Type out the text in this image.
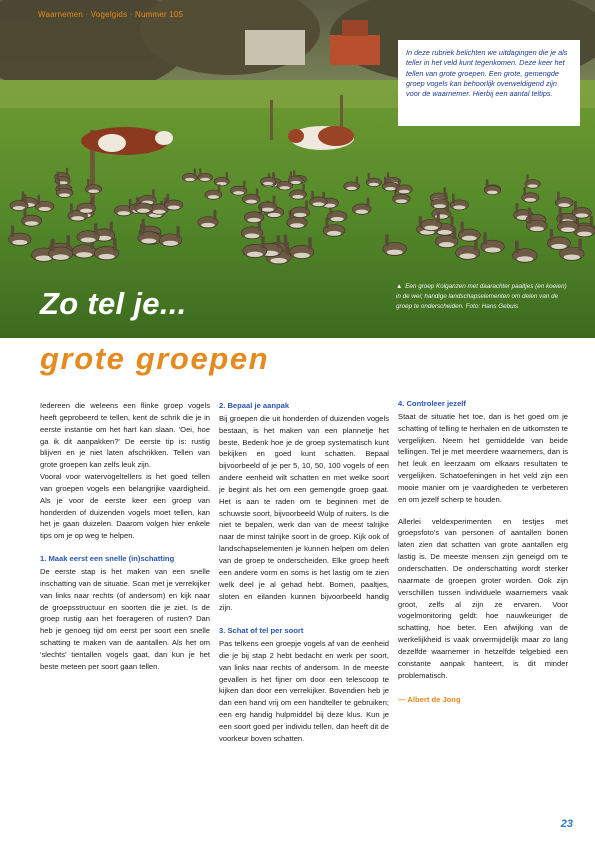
Waarnemen · Vogelgids · Nummer 105
In deze rubriek belichten we uitdagingen die je als teller in het veld kunt tegenkomen. Deze keer het tellen van grote groepen. Een grote, gemengde groep vogels kan behoorlijk overweldigend zijn voor de waarnemer. Hierbij een aantal teltips.
▲ Een groep Kolganzen met daarachter paaltjes (en koeien) in de wei; handige landschapselementen om delen van de groep te onderscheiden. Foto: Hans Gebuis
Zo tel je...
grote groepen

Iedereen die weleens een flinke groep vogels heeft geprobeerd te tellen, kent de schrik die je in eerste instantie om het hart kan slaan. 'Oei, hoe ga ik dit aanpakken?' De eerste tip is: rustig blijven en je niet laten afschrikken. Tellen van grote groepen kan zelfs leuk zijn.

Vooral voor watervogeltellers is het goed tellen van groepen vogels een belangrijke vaardigheid. Als je voor de eerste keer een groep van honderden of duizenden vogels moet tellen, kan het je gaan duizelen. Daarom volgen hier enkele tips om je op weg te helpen.

1. Maak eerst een snelle (in)schatting

De eerste stap is het maken van een snelle inschatting van de situatie. Scan met je verrekijker van links naar rechts (of andersom) en kijk naar de groepsstructuur en soorten die je ziet. Is de groep rustig aan het foerageren of rusten? Dan heb je genoeg tijd om eerst per soort een snelle schatting te maken van de aantallen. Als het om 'slechts' tientallen vogels gaat, dan kun je het beste meteen per soort gaan tellen.

2. Bepaal je aanpak

Bij groepen die uit honderden of duizenden vogels bestaan, is het maken van een plannetje het beste. Bedenk hoe je de groep systematisch kunt bekijken en goed kunt schatten. Bepaal bijvoorbeeld of je per 5, 10, 50, 100 vogels of een andere eenheid wilt schatten en met welke soort je begint als het om een gemengde groep gaat. Het is aan te raden om te beginnen met de schuwste soort, bijvoorbeeld Wulp of ruiters. Is die niet te bepalen, werk dan van de meest talrijke naar de minst talrijke soort in de groep. Kijk ook of landschapselementen je kunnen helpen om delen van de groep te onderscheiden. Elke groep heeft een andere vorm en soms is het lastig om te zien welk deel je al gehad hebt. Bomen, paaltjes, sloten en eilanden kunnen bijvoorbeeld handig zijn.

3. Schat of tel per soort

Pas telkens een groepje vogels af van de eenheid die je bij stap 2 hebt bedacht en werk per soort, van links naar rechts of andersom. In de meeste gevallen is het fijner om door een telescoop te kijken dan door een verrekijker. Bovendien heb je dan een hand vrij om een handteller te gebruiken; een erg handig hulpmiddel bij deze klus. Kun je een soort goed per individu tellen, dan heeft dit de voorkeur boven schatten.

4. Controleer jezelf

Staat de situatie het toe, dan is het goed om je schatting of telling te herhalen en de uitkomsten te vergelijken. Neem het gemiddelde van beide tellingen. Tel je met meerdere waarnemers, dan is het leuk en leerzaam om elkaars resultaten te vergelijken. Schatoefeningen in het veld zijn een mooie manier om je vaardigheden te verbeteren en om jezelf scherp te houden.

Allerlei veldexperimenten en testjes met groepsfoto's van personen of aantallen bonen laten zien dat schatten van grote aantallen erg lastig is. De meeste mensen zijn geneigd om te onderschatten. De onderschatting wordt sterker naarmate de groepen groter worden. Ook zijn verschillen tussen individuele waarnemers vaak groot, zelfs al zijn ze ervaren. Voor vogelmonitoring geldt: hoe nauwkeuriger de schatting, hoe beter. Een afwijking van de werkelijkheid is vaak onvermijdelijk maar zo lang dezelfde waarnemer in hetzelfde telgebied een constante aanpak hanteert, is dit minder problematisch.

— Albert de Jong

23
